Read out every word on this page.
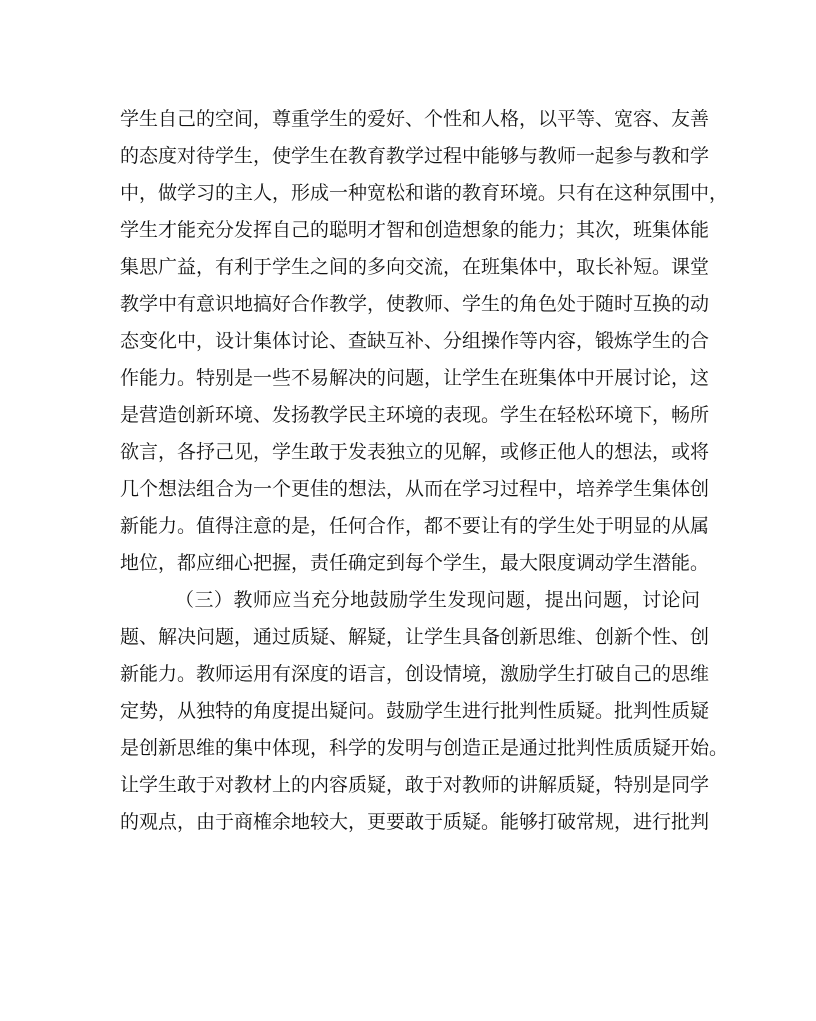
学生自己的空间，尊重学生的爱好、个性和人格，以平等、宽容、友善
的态度对待学生，使学生在教育教学过程中能够与教师一起参与教和学
中，做学习的主人，形成一种宽松和谐的教育环境。只有在这种氛围中，
学生才能充分发挥自己的聪明才智和创造想象的能力；其次，班集体能
集思广益，有利于学生之间的多向交流，在班集体中，取长补短。课堂
教学中有意识地搞好合作教学，使教师、学生的角色处于随时互换的动
态变化中，设计集体讨论、查缺互补、分组操作等内容，锻炼学生的合
作能力。特别是一些不易解决的问题，让学生在班集体中开展讨论，这
是营造创新环境、发扬教学民主环境的表现。学生在轻松环境下，畅所
欲言，各抒己见，学生敢于发表独立的见解，或修正他人的想法，或将
几个想法组合为一个更佳的想法，从而在学习过程中，培养学生集体创
新能力。值得注意的是，任何合作，都不要让有的学生处于明显的从属
地位，都应细心把握，责任确定到每个学生，最大限度调动学生潜能。
（三）教师应当充分地鼓励学生发现问题，提出问题，讨论问
题、解决问题，通过质疑、解疑，让学生具备创新思维、创新个性、创
新能力。教师运用有深度的语言，创设情境，激励学生打破自己的思维
定势，从独特的角度提出疑问。鼓励学生进行批判性质疑。批判性质疑
是创新思维的集中体现，科学的发明与创造正是通过批判性质质疑开始。
让学生敢于对教材上的内容质疑，敢于对教师的讲解质疑，特别是同学
的观点，由于商榷余地较大，更要敢于质疑。能够打破常规，进行批判
